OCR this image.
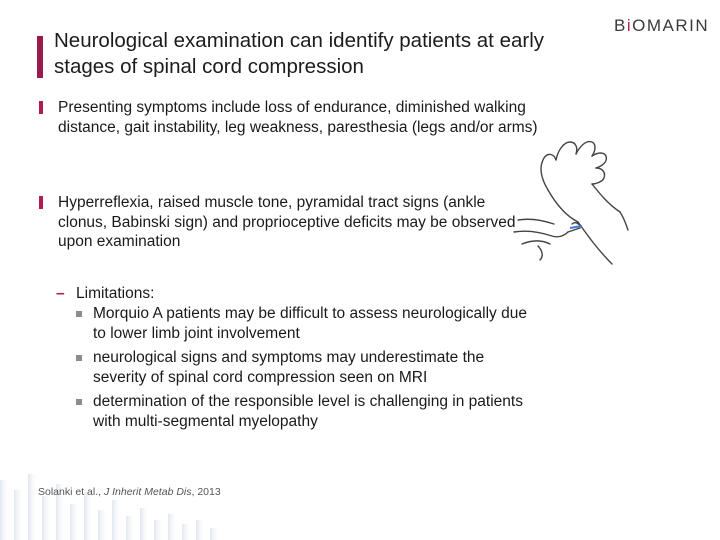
Neurological examination can identify patients at early stages of spinal cord compression
BiOMARIN
Presenting symptoms include loss of endurance, diminished walking distance, gait instability, leg weakness, paresthesia (legs and/or arms)
Hyperreflexia, raised muscle tone, pyramidal tract signs (ankle clonus, Babinski sign) and proprioceptive deficits may be observed upon examination
– Limitations:
Morquio A patients may be difficult to assess neurologically due to lower limb joint involvement
neurological signs and symptoms may underestimate the severity of spinal cord compression seen on MRI
determination of the responsible level is challenging in patients with multi-segmental myelopathy
Solanki et al., J Inherit Metab Dis, 2013
